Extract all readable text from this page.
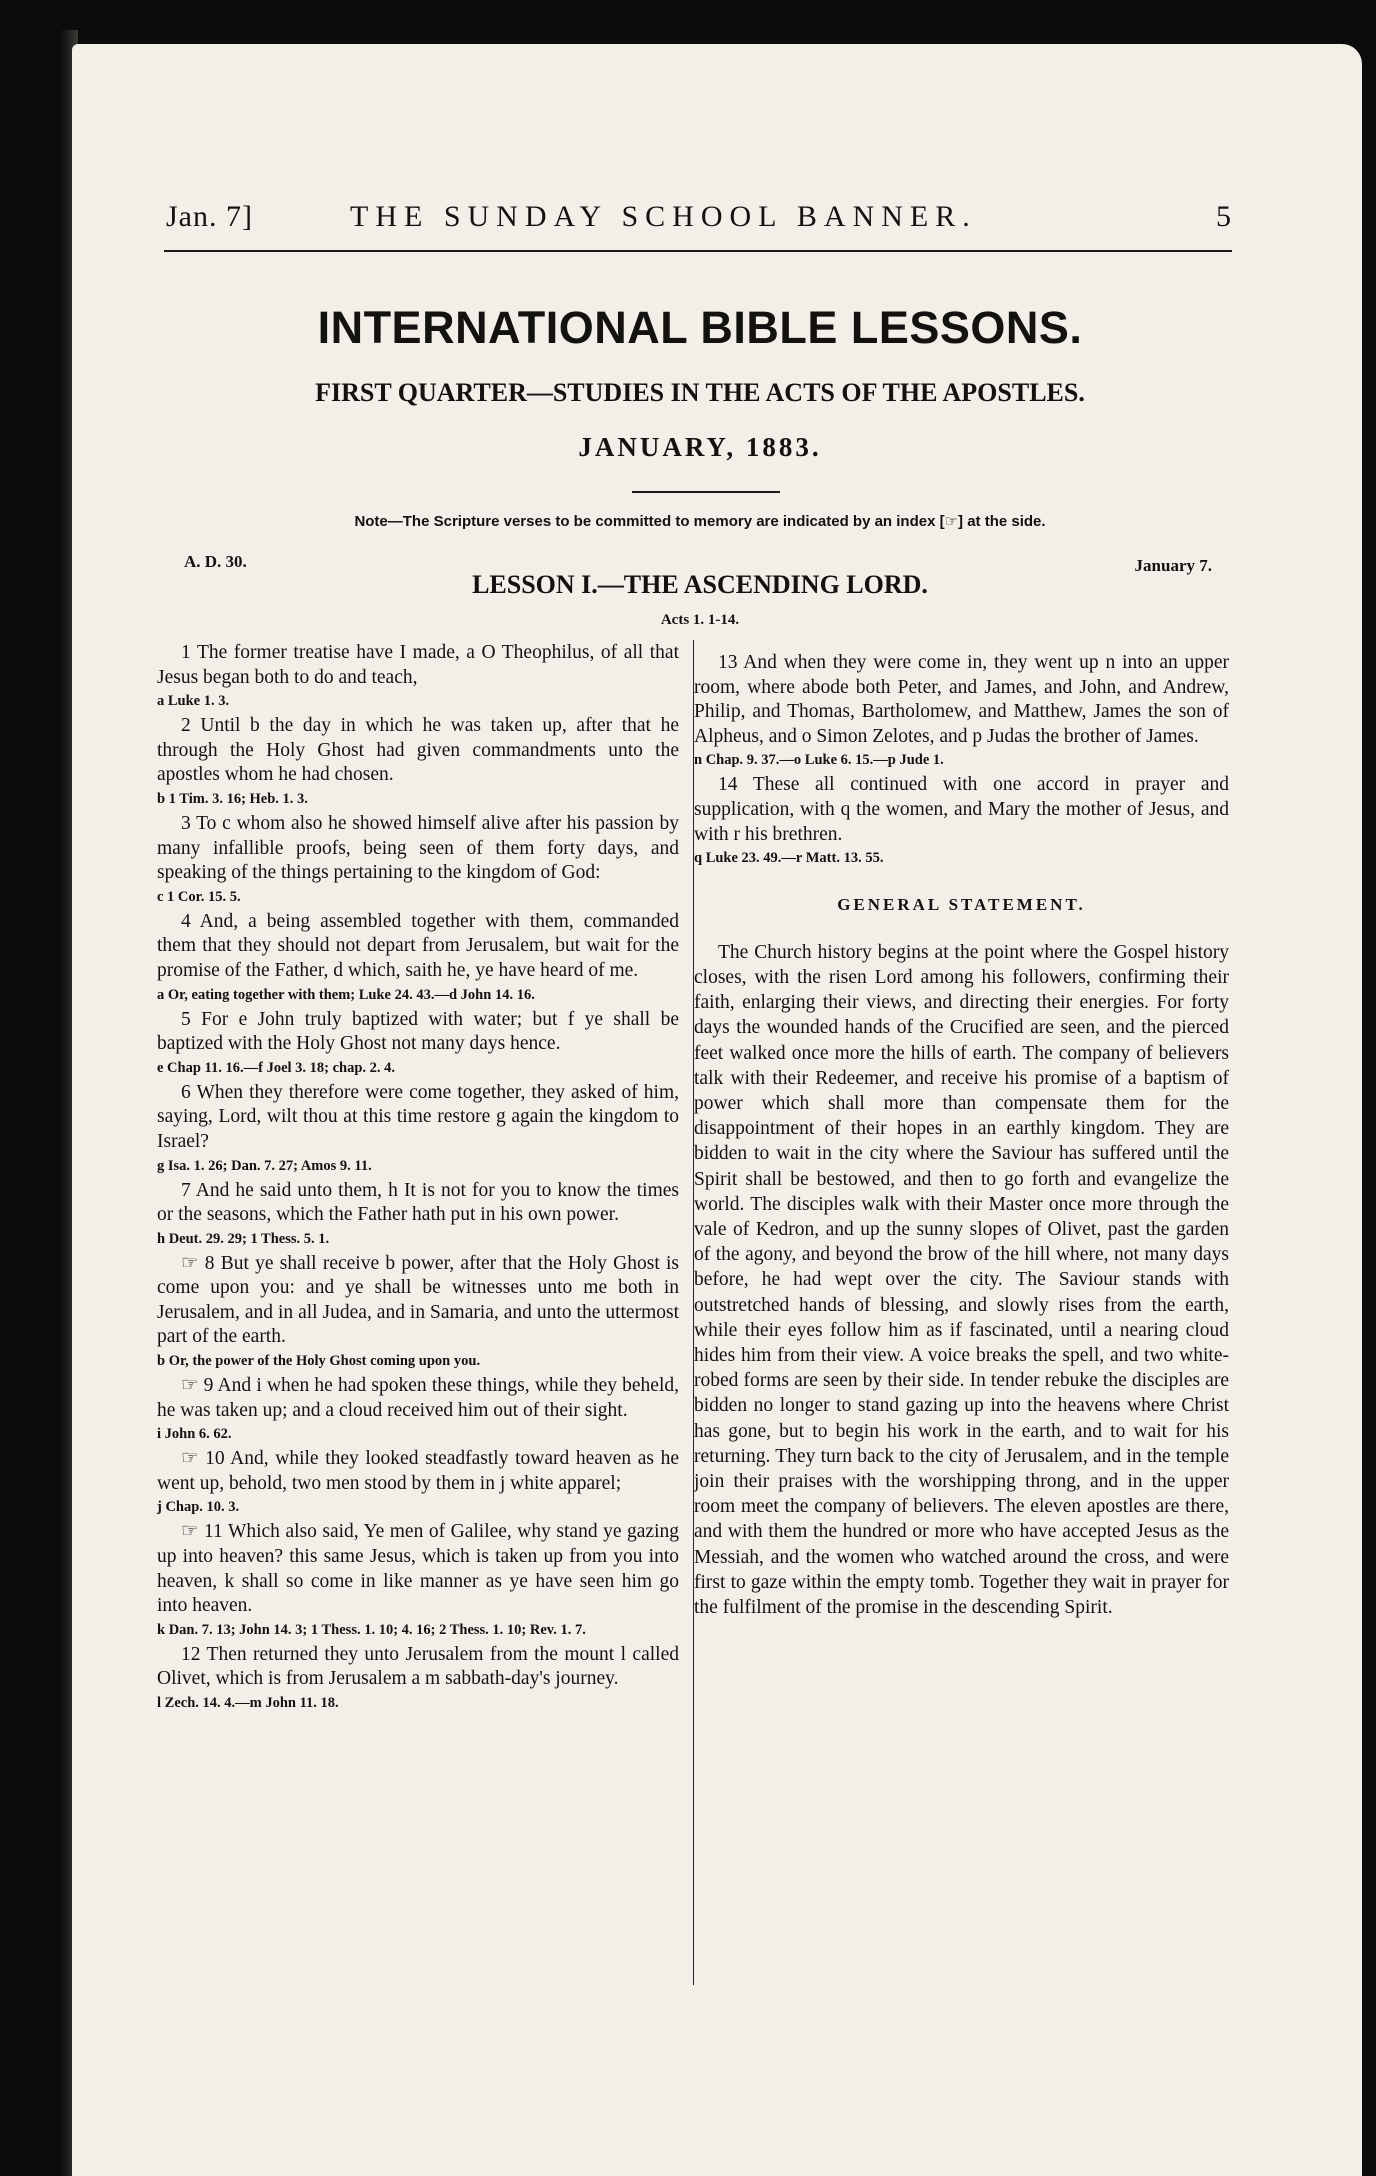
Jan. 7]	THE SUNDAY SCHOOL BANNER.	5
INTERNATIONAL BIBLE LESSONS.
FIRST QUARTER—STUDIES IN THE ACTS OF THE APOSTLES.
JANUARY, 1883.
Note—The Scripture verses to be committed to memory are indicated by an index [☞] at the side.
A. D. 30.	January 7.
LESSON I.—THE ASCENDING LORD.
Acts 1. 1-14.

1 The former treatise have I made, a O Theophilus, of all that Jesus began both to do and teach,

a Luke 1. 3.

2 Until b the day in which he was taken up, after that he through the Holy Ghost had given commandments unto the apostles whom he had chosen.

b 1 Tim. 3. 16; Heb. 1. 3.

3 To c whom also he showed himself alive after his passion by many infallible proofs, being seen of them forty days, and speaking of the things pertaining to the kingdom of God:

c 1 Cor. 15. 5.

4 And, a being assembled together with them, commanded them that they should not depart from Jerusalem, but wait for the promise of the Father, d which, saith he, ye have heard of me.

a Or, eating together with them; Luke 24. 43.—d John 14. 16.

5 For e John truly baptized with water; but f ye shall be baptized with the Holy Ghost not many days hence.

e Chap 11. 16.—f Joel 3. 18; chap. 2. 4.

6 When they therefore were come together, they asked of him, saying, Lord, wilt thou at this time restore g again the kingdom to Israel?

g Isa. 1. 26; Dan. 7. 27; Amos 9. 11.

7 And he said unto them, h It is not for you to know the times or the seasons, which the Father hath put in his own power.

h Deut. 29. 29; 1 Thess. 5. 1.

☞ 8 But ye shall receive b power, after that the Holy Ghost is come upon you: and ye shall be witnesses unto me both in Jerusalem, and in all Judea, and in Samaria, and unto the uttermost part of the earth.

b Or, the power of the Holy Ghost coming upon you.

☞ 9 And i when he had spoken these things, while they beheld, he was taken up; and a cloud received him out of their sight.

i John 6. 62.

☞ 10 And, while they looked steadfastly toward heaven as he went up, behold, two men stood by them in j white apparel;

j Chap. 10. 3.

☞ 11 Which also said, Ye men of Galilee, why stand ye gazing up into heaven? this same Jesus, which is taken up from you into heaven, k shall so come in like manner as ye have seen him go into heaven.

k Dan. 7. 13; John 14. 3; 1 Thess. 1. 10; 4. 16; 2 Thess. 1. 10; Rev. 1. 7.

12 Then returned they unto Jerusalem from the mount l called Olivet, which is from Jerusalem a m sabbath-day's journey.

l Zech. 14. 4.—m John 11. 18.

13 And when they were come in, they went up n into an upper room, where abode both Peter, and James, and John, and Andrew, Philip, and Thomas, Bartholomew, and Matthew, James the son of Alpheus, and o Simon Zelotes, and p Judas the brother of James.

n Chap. 9. 37.—o Luke 6. 15.—p Jude 1.

14 These all continued with one accord in prayer and supplication, with q the women, and Mary the mother of Jesus, and with r his brethren.

q Luke 23. 49.—r Matt. 13. 55.

GENERAL STATEMENT.

The Church history begins at the point where the Gospel history closes, with the risen Lord among his followers, confirming their faith, enlarging their views, and directing their energies. For forty days the wounded hands of the Crucified are seen, and the pierced feet walked once more the hills of earth. The company of believers talk with their Redeemer, and receive his promise of a baptism of power which shall more than compensate them for the disappointment of their hopes in an earthly kingdom. They are bidden to wait in the city where the Saviour has suffered until the Spirit shall be bestowed, and then to go forth and evangelize the world. The disciples walk with their Master once more through the vale of Kedron, and up the sunny slopes of Olivet, past the garden of the agony, and beyond the brow of the hill where, not many days before, he had wept over the city. The Saviour stands with outstretched hands of blessing, and slowly rises from the earth, while their eyes follow him as if fascinated, until a nearing cloud hides him from their view. A voice breaks the spell, and two white-robed forms are seen by their side. In tender rebuke the disciples are bidden no longer to stand gazing up into the heavens where Christ has gone, but to begin his work in the earth, and to wait for his returning. They turn back to the city of Jerusalem, and in the temple join their praises with the worshipping throng, and in the upper room meet the company of believers. The eleven apostles are there, and with them the hundred or more who have accepted Jesus as the Messiah, and the women who watched around the cross, and were first to gaze within the empty tomb. Together they wait in prayer for the fulfilment of the promise in the descending Spirit.
